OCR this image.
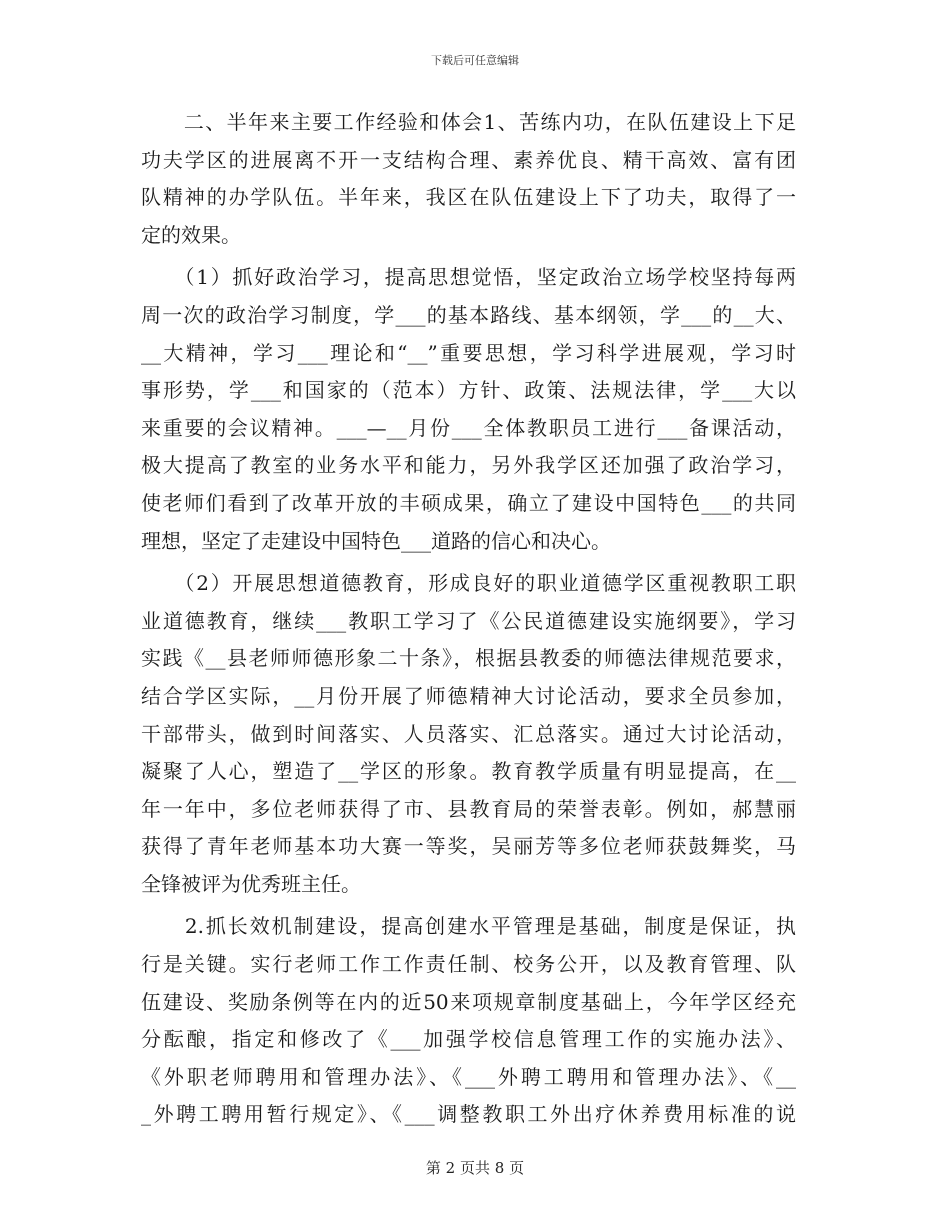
下载后可任意编辑
　　二、半年来主要工作经验和体会1、苦练内功，在队伍建设上下足
功夫学区的进展离不开一支结构合理、素养优良、精干高效、富有团
队精神的办学队伍。半年来，我区在队伍建设上下了功夫，取得了一
定的效果。
　　（1）抓好政治学习，提高思想觉悟，坚定政治立场学校坚持每两
周一次的政治学习制度，学___的基本路线、基本纲领，学___的__大、
__大精神，学习___理论和“__”重要思想，学习科学进展观，学习时
事形势，学___和国家的（范本）方针、政策、法规法律，学___大以
来重要的会议精神。___—__月份___全体教职员工进行___备课活动，
极大提高了教室的业务水平和能力，另外我学区还加强了政治学习，
使老师们看到了改革开放的丰硕成果，确立了建设中国特色___的共同
理想，坚定了走建设中国特色___道路的信心和决心。
　　（2）开展思想道德教育，形成良好的职业道德学区重视教职工职
业道德教育，继续___教职工学习了《公民道德建设实施纲要》，学习
实践《__县老师师德形象二十条》，根据县教委的师德法律规范要求，
结合学区实际，__月份开展了师德精神大讨论活动，要求全员参加，
干部带头，做到时间落实、人员落实、汇总落实。通过大讨论活动，
凝聚了人心，塑造了__学区的形象。教育教学质量有明显提高，在__
年一年中，多位老师获得了市、县教育局的荣誉表彰。例如，郝慧丽
获得了青年老师基本功大赛一等奖，吴丽芳等多位老师获鼓舞奖，马
全锋被评为优秀班主任。
　　2.抓长效机制建设，提高创建水平管理是基础，制度是保证，执
行是关键。实行老师工作工作责任制、校务公开，以及教育管理、队
伍建设、奖励条例等在内的近50来项规章制度基础上，今年学区经充
分酝酿，指定和修改了《___加强学校信息管理工作的实施办法》、
《外职老师聘用和管理办法》、《___外聘工聘用和管理办法》、《__
_外聘工聘用暂行规定》、《___调整教职工外出疗休养费用标准的说
第 2 页共 8 页
